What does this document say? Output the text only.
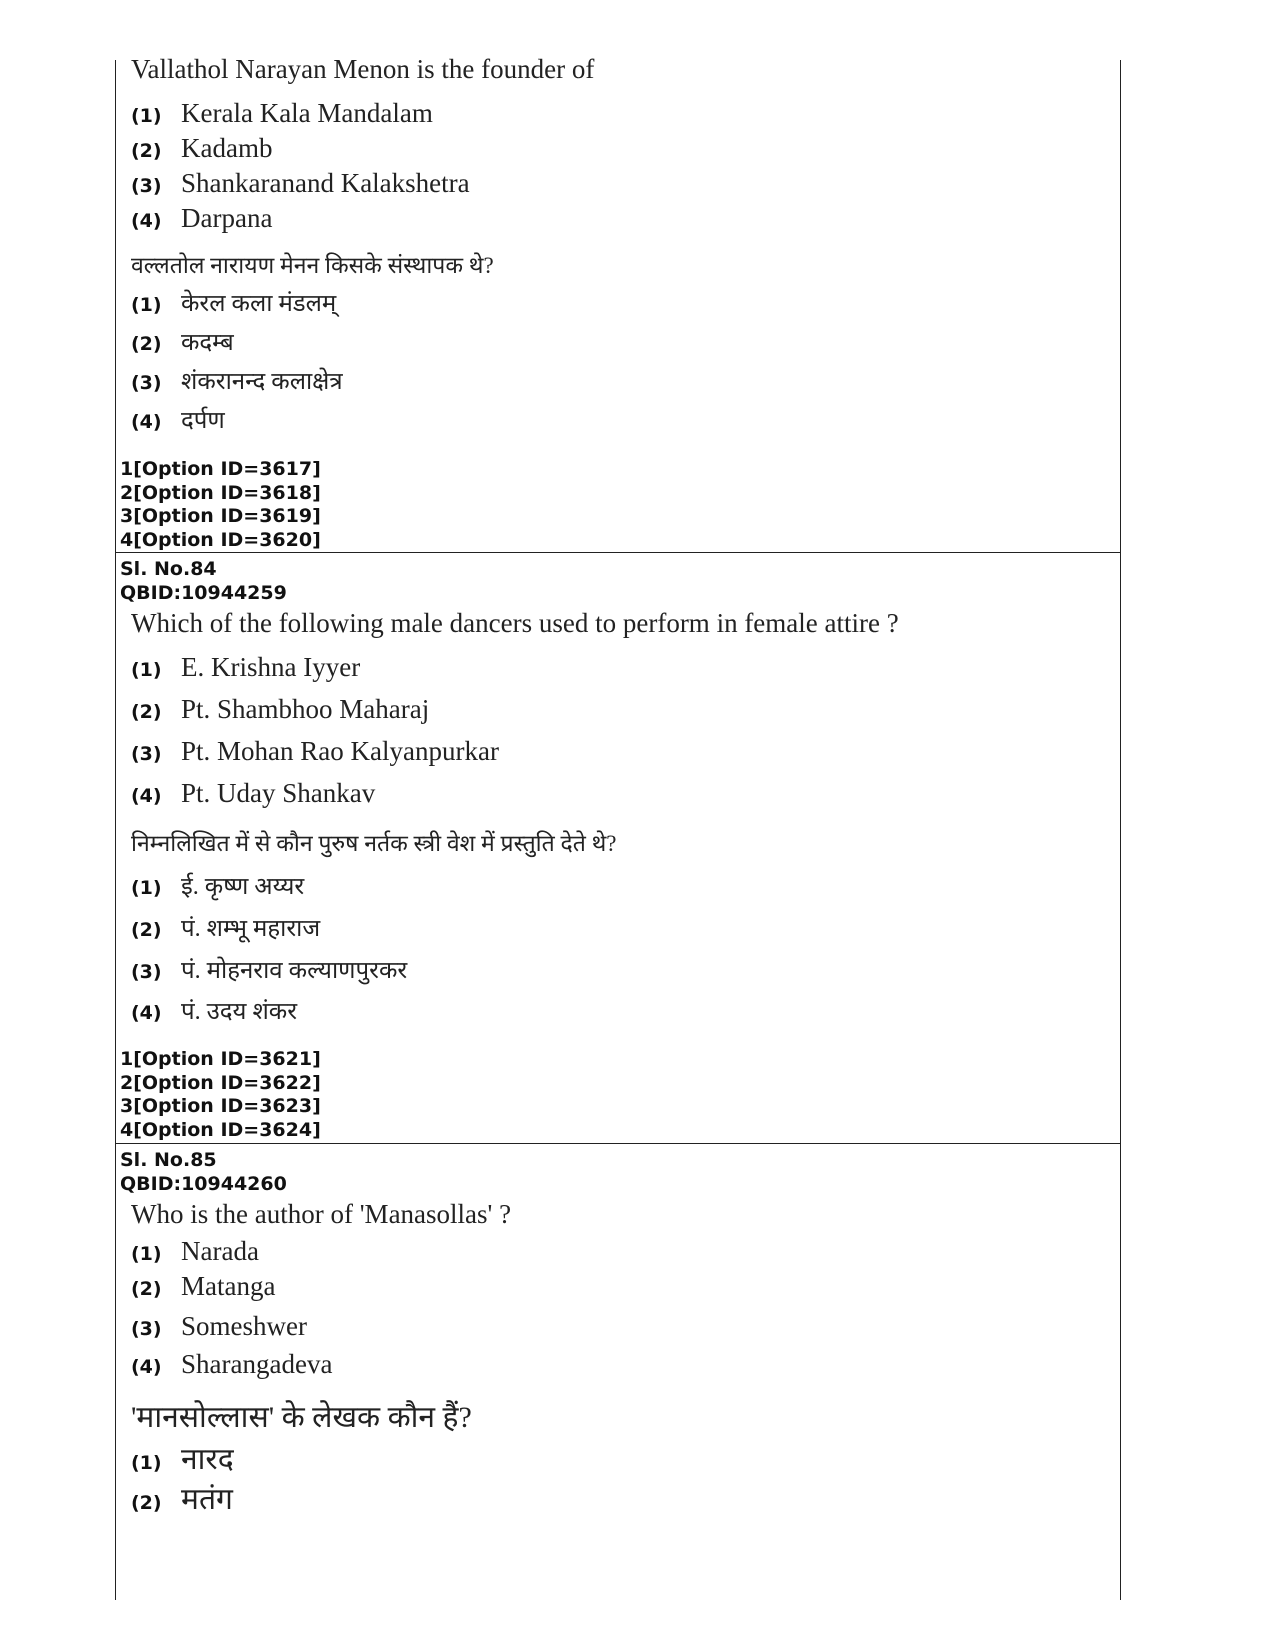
Vallathol Narayan Menon is the founder of
(1) Kerala Kala Mandalam
(2) Kadamb
(3) Shankaranand Kalakshetra
(4) Darpana
वल्लतोल नारायण मेनन किसके संस्थापक थे?
(1) केरल कला मंडलम्
(2) कदम्ब
(3) शंकरानन्द कलाक्षेत्र
(4) दर्पण
1[Option ID=3617]
2[Option ID=3618]
3[Option ID=3619]
4[Option ID=3620]
Sl. No.84
QBID:10944259
Which of the following male dancers used to perform in female attire ?
(1) E. Krishna Iyyer
(2) Pt. Shambhoo Maharaj
(3) Pt. Mohan Rao Kalyanpurkar
(4) Pt. Uday Shankav
निम्नलिखित में से कौन पुरुष नर्तक स्त्री वेश में प्रस्तुति देते थे?
(1) ई. कृष्ण अय्यर
(2) पं. शम्भू महाराज
(3) पं. मोहनराव कल्याणपुरकर
(4) पं. उदय शंकर
1[Option ID=3621]
2[Option ID=3622]
3[Option ID=3623]
4[Option ID=3624]
Sl. No.85
QBID:10944260
Who is the author of 'Manasollas' ?
(1) Narada
(2) Matanga
(3) Someshwer
(4) Sharangadeva
'मानसोल्लास' के लेखक कौन हैं?
(1) नारद
(2) मतंग
